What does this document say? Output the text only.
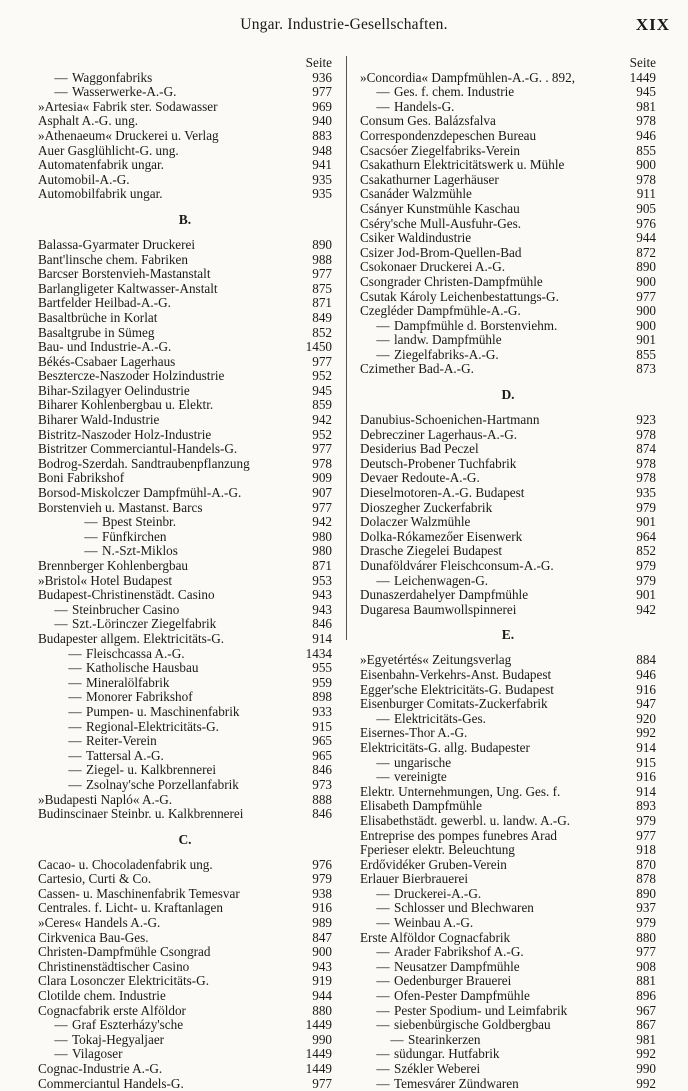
Ungar. Industrie-Gesellschaften.	XIX
Seite
— Waggonfabriks	936
— Wasserwerke-A.-G.	977
»Artesia« Fabrik ster. Sodawasser	969
Asphalt A.-G. ung.	940
»Athenaeum« Druckerei u. Verlag	883
Auer Gasglühlicht-G. ung.	948
Automatenfabrik ungar.	941
Automobil-A.-G.	935
Automobilfabrik ungar.	935
B.
Balassa-Gyarmater Druckerei	890
Bant'linsche chem. Fabriken	988
Barcser Borstenvieh-Mastanstalt	977
Barlangligeter Kaltwasser-Anstalt	875
Bartfelder Heilbad-A.-G.	871
Basaltbrüche in Korlat	849
Basaltgrube in Sümeg	852
Bau- und Industrie-A.-G.	1450
Békés-Csabaer Lagerhaus	977
Besztercze-Naszoder Holzindustrie	952
Bihar-Szilagyer Oelindustrie	945
Biharer Kohlenbergbau u. Elektr.	859
Biharer Wald-Industrie	942
Bistritz-Naszoder Holz-Industrie	952
Bistritzer Commerciantul-Handels-G.	977
Bodrog-Szerdah. Sandtraubenpflanzung	978
Boni Fabrikshof	909
Borsod-Miskolczer Dampfmühl-A.-G.	907
Borstenvieh u. Mastanst. Barcs	977
— Bpest Steinbr.	942
— Fünfkirchen	980
— N.-Szt-Miklos	980
Brennberger Kohlenbergbau	871
»Bristol« Hotel Budapest	953
Budapest-Christinenstädt. Casino	943
— Steinbrucher Casino	943
— Szt.-Lörinczer Ziegelfabrik	846
Budapester allgem. Elektricitäts-G.	914
— Fleischcassa A.-G.	1434
— Katholische Hausbau	955
— Mineralölfabrik	959
— Monorer Fabrikshof	898
— Pumpen- u. Maschinenfabrik	933
— Regional-Elektricitäts-G.	915
— Reiter-Verein	965
— Tattersal A.-G.	965
— Ziegel- u. Kalkbrennerei	846
— Zsolnay'sche Porzellanfabrik	973
»Budapesti Napló« A.-G.	888
Budinscinaer Steinbr. u. Kalkbrennerei	846
C.
Cacao- u. Chocoladenfabrik ung.	976
Cartesio, Curti & Co.	979
Cassen- u. Maschinenfabrik Temesvar	938
Centrales. f. Licht- u. Kraftanlagen	916
»Ceres« Handels A.-G.	989
Cirkvenica Bau-Ges.	847
Christen-Dampfmühle Csongrad	900
Christinenstädtischer Casino	943
Clara Losonczer Elektricitäts-G.	919
Clotilde chem. Industrie	944
Cognacfabrik erste Alföldor	880
— Graf Eszterházy'sche	1449
— Tokaj-Hegyaljaer	990
— Vilagoser	1449
Cognac-Industrie A.-G.	1449
Commerciantul Handels-G.	977
Seite
»Concordia« Dampfmühlen-A.-G. . 892,	1449
— Ges. f. chem. Industrie	945
— Handels-G.	981
Consum Ges. Balázsfalva	978
Correspondenzdepeschen Bureau	946
Csacsóer Ziegelfabriks-Verein	855
Csakathurn Elektricitätswerk u. Mühle	900
Csakathurner Lagerhäuser	978
Csanáder Walzmühle	911
Csányer Kunstmühle Kaschau	905
Cséry'sche Mull-Ausfuhr-Ges.	976
Csiker Waldindustrie	944
Csizer Jod-Brom-Quellen-Bad	872
Csokonaer Druckerei A.-G.	890
Csongrader Christen-Dampfmühle	900
Csutak Károly Leichenbestattungs-G.	977
Czegléder Dampfmühle-A.-G.	900
— Dampfmühle d. Borstenviehm.	900
— landw. Dampfmühle	901
— Ziegelfabriks-A.-G.	855
Czimether Bad-A.-G.	873
D.
Danubius-Schoenichen-Hartmann	923
Debrecziner Lagerhaus-A.-G.	978
Desiderius Bad Peczel	874
Deutsch-Probener Tuchfabrik	978
Devaer Redoute-A.-G.	978
Dieselmotoren-A.-G. Budapest	935
Dioszegher Zuckerfabrik	979
Dolaczer Walzmühle	901
Dolka-Rókamezőer Eisenwerk	964
Drasche Ziegelei Budapest	852
Dunaföldvárer Fleischconsum-A.-G.	979
— Leichenwagen-G.	979
Dunaszerdahelyer Dampfmühle	901
Dugaresa Baumwollspinnerei	942
E.
»Egyetértés« Zeitungsverlag	884
Eisenbahn-Verkehrs-Anst. Budapest	946
Egger'sche Elektricitäts-G. Budapest	916
Eisenburger Comitats-Zuckerfabrik	947
— Elektricitäts-Ges.	920
Eisernes-Thor A.-G.	992
Elektricitäts-G. allg. Budapester	914
— ungarische	915
— vereinigte	916
Elektr. Unternehmungen, Ung. Ges. f.	914
Elisabeth Dampfmühle	893
Elisabethstädt. gewerbl. u. landw. A.-G.	979
Entreprise des pompes funebres Arad	977
Fperieser elektr. Beleuchtung	918
Erdővidéker Gruben-Verein	870
Erlauer Bierbrauerei	878
— Druckerei-A.-G.	890
— Schlosser und Blechwaren	937
— Weinbau A.-G.	979
Erste Alföldor Cognacfabrik	880
— Arader Fabrikshof A.-G.	977
— Neusatzer Dampfmühle	908
— Oedenburger Brauerei	881
— Ofen-Pester Dampfmühle	896
— Pester Spodium- und Leimfabrik	967
— siebenbürgische Goldbergbau	867
— Stearinkerzen	981
— südungar. Hutfabrik	992
— Székler Weberei	990
— Temesvárer Zündwaren	992
